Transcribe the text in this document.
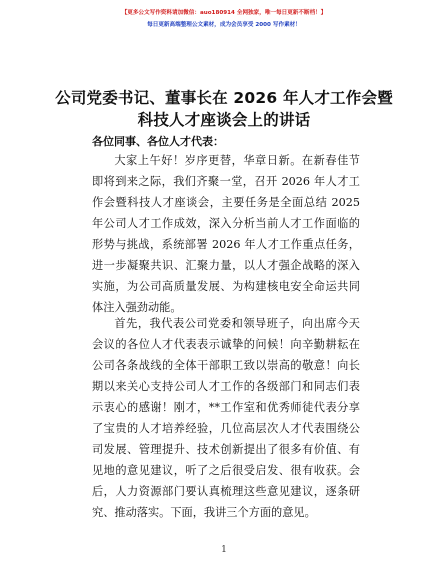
【更多公文写作资料请加微信：auo180914 全网独家，唯一每日更新不断档！】
每日更新高端整理公文素材，成为会员享受 2000 写作素材！
公司党委书记、董事长在 2026 年人才工作会暨
科技人才座谈会上的讲话
各位同事、各位人才代表：

大家上午好！岁序更替，华章日新。在新春佳节即将到来之际，我们齐聚一堂，召开 2026 年人才工作会暨科技人才座谈会，主要任务是全面总结 2025 年公司人才工作成效，深入分析当前人才工作面临的形势与挑战，系统部署 2026 年人才工作重点任务，进一步凝聚共识、汇聚力量，以人才强企战略的深入实施，为公司高质量发展、为构建核电安全命运共同体注入强劲动能。

首先，我代表公司党委和领导班子，向出席今天会议的各位人才代表表示诚挚的问候！向辛勤耕耘在公司各条战线的全体干部职工致以崇高的敬意！向长期以来关心支持公司人才工作的各级部门和同志们表示衷心的感谢！刚才，**工作室和优秀师徒代表分享了宝贵的人才培养经验，几位高层次人才代表围绕公司发展、管理提升、技术创新提出了很多有价值、有见地的意见建议，听了之后很受启发、很有收获。会后，人力资源部门要认真梳理这些意见建议，逐条研究、推动落实。下面，我讲三个方面的意见。

1
